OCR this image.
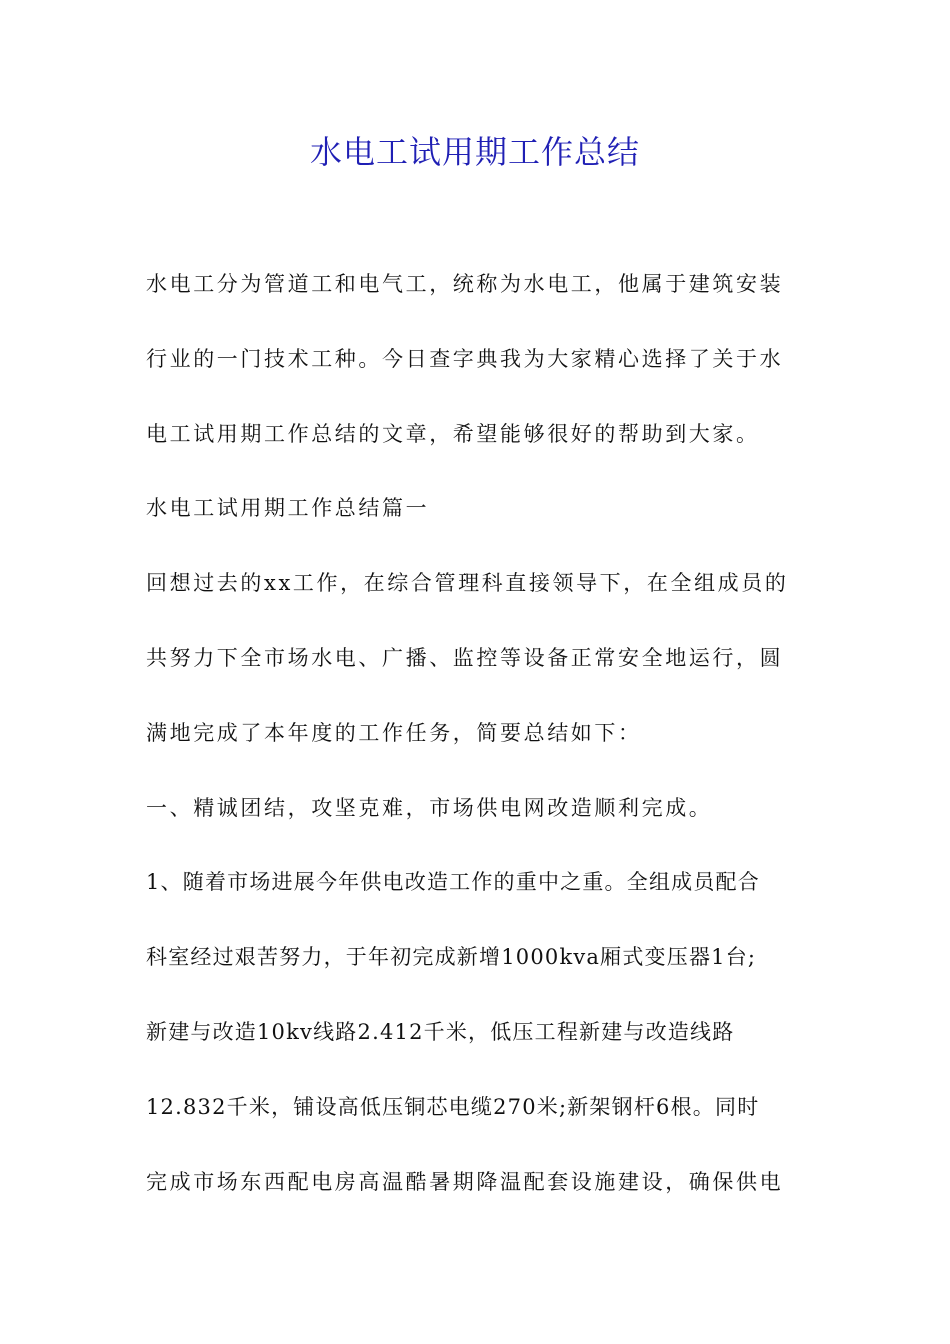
水电工试用期工作总结

水电工分为管道工和电气工，统称为水电工，他属于建筑安装

行业的一门技术工种。今日查字典我为大家精心选择了关于水

电工试用期工作总结的文章，希望能够很好的帮助到大家。

水电工试用期工作总结篇一

回想过去的xx工作，在综合管理科直接领导下，在全组成员的

共努力下全市场水电、广播、监控等设备正常安全地运行，圆

满地完成了本年度的工作任务，简要总结如下：

一、精诚团结，攻坚克难，市场供电网改造顺利完成。

1、随着市场进展今年供电改造工作的重中之重。全组成员配合

科室经过艰苦努力，于年初完成新增1000kva厢式变压器1台;

新建与改造10kv线路2.412千米，低压工程新建与改造线路

12.832千米，铺设高低压铜芯电缆270米;新架钢杆6根。同时

完成市场东西配电房高温酷暑期降温配套设施建设，确保供电
